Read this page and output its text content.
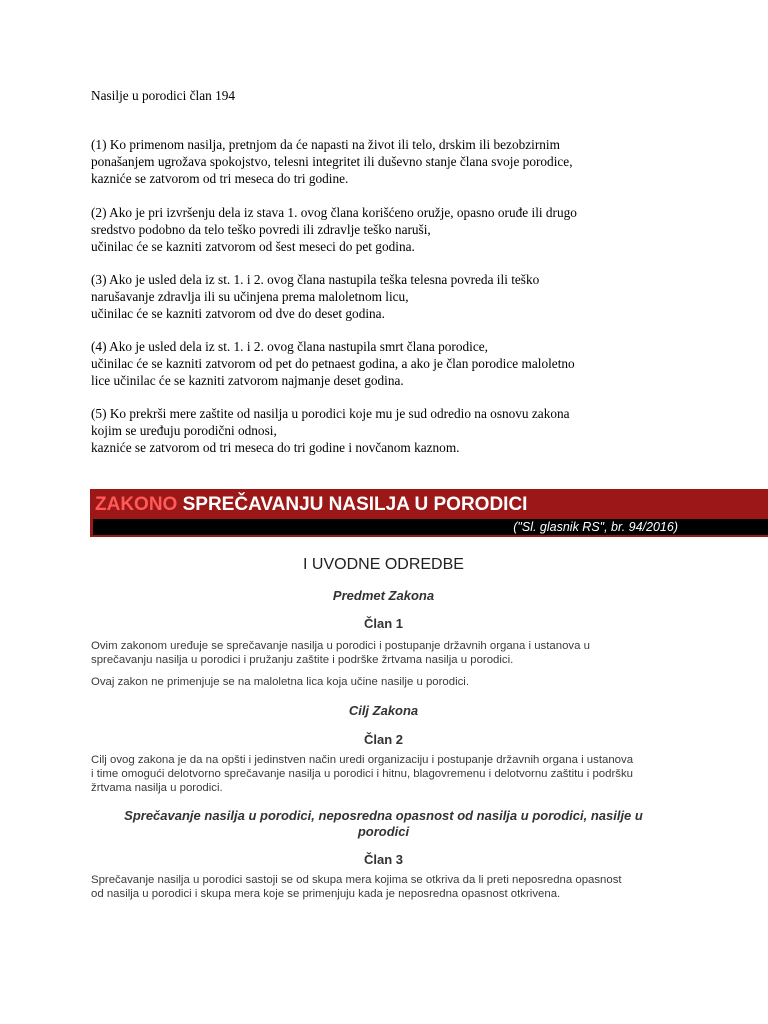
Nasilje u porodici član 194
(1) Ko primenom nasilja, pretnjom da će napasti na život ili telo, drskim ili bezobzirnim
ponašanjem ugrožava spokojstvo, telesni integritet ili duševno stanje člana svoje porodice,
kazniće se zatvorom od tri meseca do tri godine.
(2) Ako je pri izvršenju dela iz stava 1. ovog člana korišćeno oružje, opasno oruđe ili drugo
sredstvo podobno da telo teško povredi ili zdravlje teško naruši,
učinilac će se kazniti zatvorom od šest meseci do pet godina.
(3) Ako je usled dela iz st. 1. i 2. ovog člana nastupila teška telesna povreda ili teško
narušavanje zdravlja ili su učinjena prema maloletnom licu,
učinilac će se kazniti zatvorom od dve do deset godina.
(4) Ako je usled dela iz st. 1. i 2. ovog člana nastupila smrt člana porodice,
učinilac će se kazniti zatvorom od pet do petnaest godina, a ako je član porodice maloletno
lice učinilac će se kazniti zatvorom najmanje deset godina.
(5) Ko prekrši mere zaštite od nasilja u porodici koje mu je sud odredio na osnovu zakona
kojim se uređuju porodični odnosi,
kazniće se zatvorom od tri meseca do tri godine i novčanom kaznom.
ZAKONO SPREČAVANJU NASILJA U PORODICI
("Sl. glasnik RS", br. 94/2016)
I UVODNE ODREDBE
Predmet Zakona
Član 1
Ovim zakonom uređuje se sprečavanje nasilja u porodici i postupanje državnih organa i ustanova u
sprečavanju nasilja u porodici i pružanju zaštite i podrške žrtvama nasilja u porodici.
Ovaj zakon ne primenjuje se na maloletna lica koja učine nasilje u porodici.
Cilj Zakona
Član 2
Cilj ovog zakona je da na opšti i jedinstven način uredi organizaciju i postupanje državnih organa i ustanova
i time omogući delotvorno sprečavanje nasilja u porodici i hitnu, blagovremenu i delotvornu zaštitu i podršku
žrtvama nasilja u porodici.
Sprečavanje nasilja u porodici, neposredna opasnost od nasilja u porodici, nasilje u
porodici
Član 3
Sprečavanje nasilja u porodici sastoji se od skupa mera kojima se otkriva da li preti neposredna opasnost
od nasilja u porodici i skupa mera koje se primenjuju kada je neposredna opasnost otkrivena.
